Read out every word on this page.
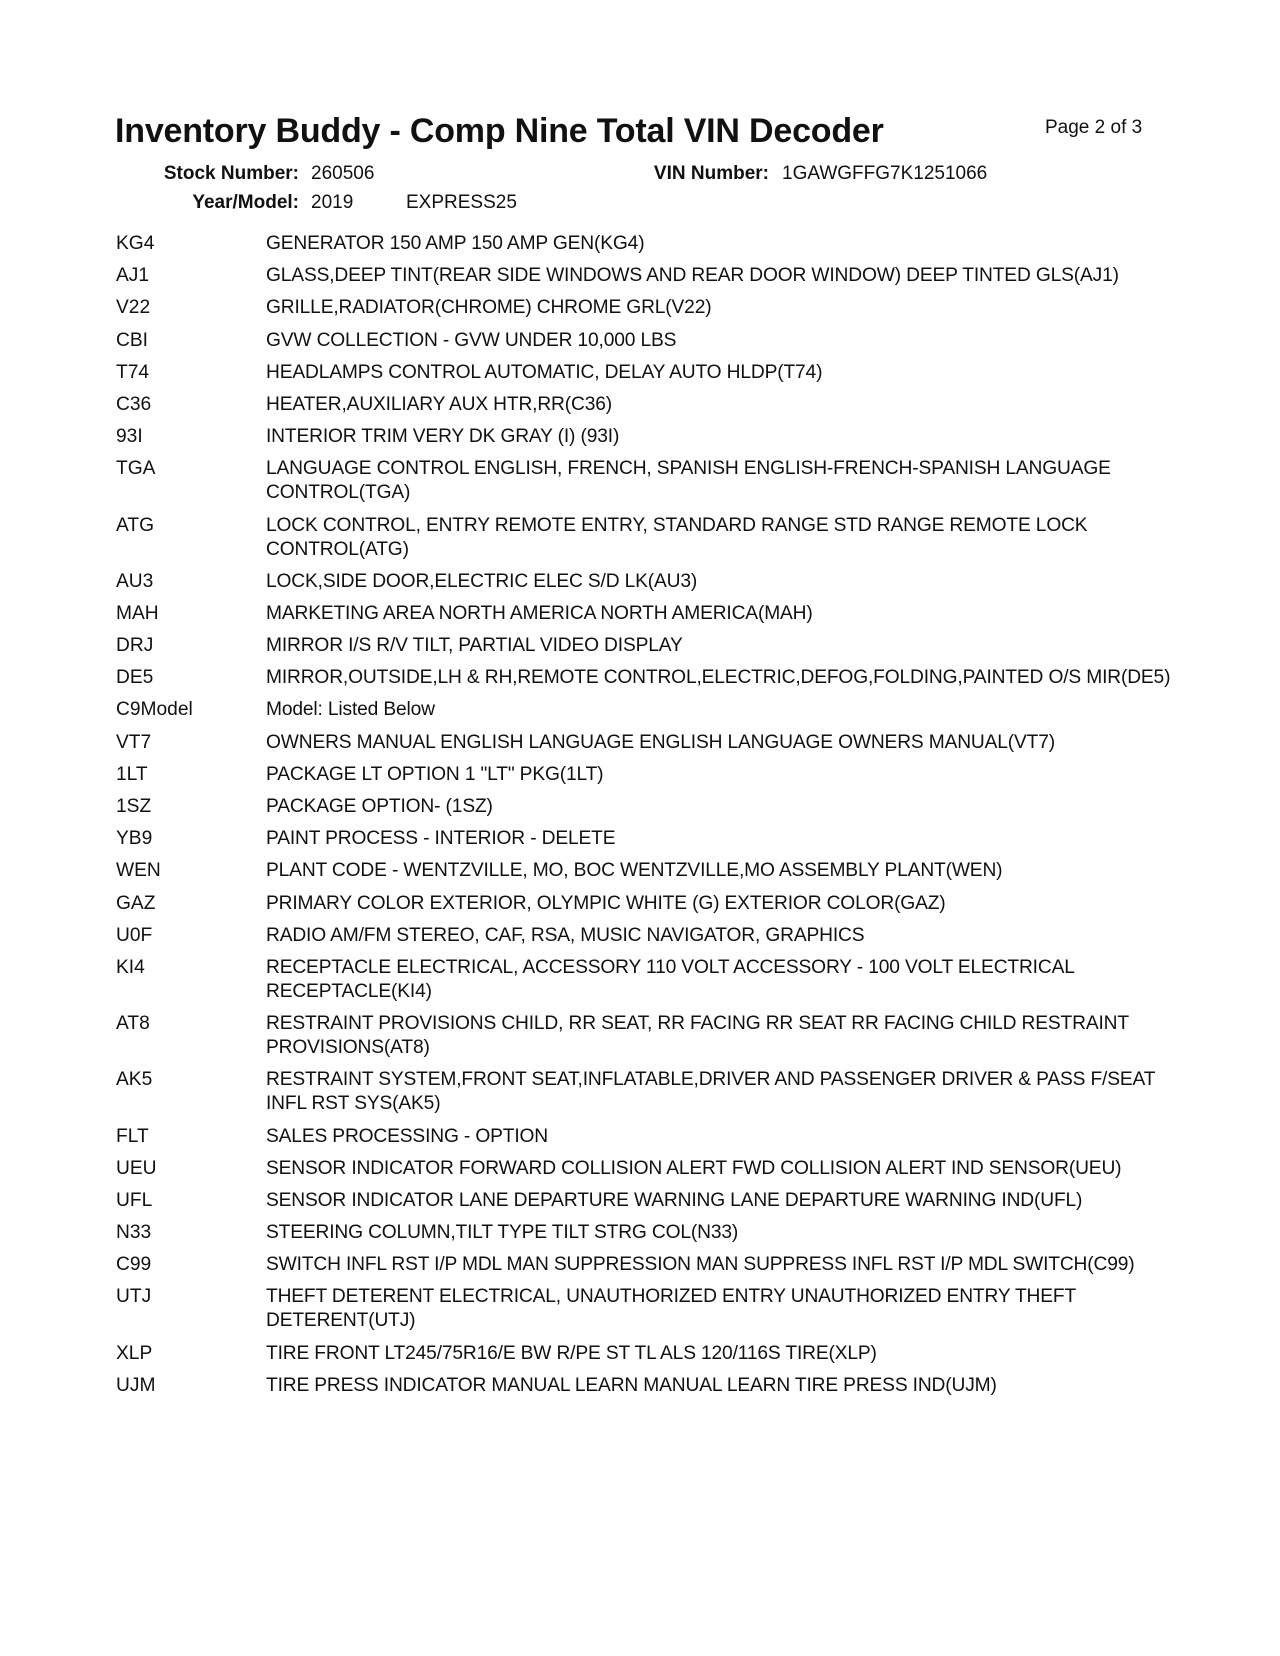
Inventory Buddy - Comp Nine Total VIN Decoder	Page 2 of 3
Stock Number: 260506	VIN Number: 1GAWGFFG7K1251066
Year/Model: 2019	EXPRESS25
KG4	GENERATOR 150 AMP 150 AMP GEN(KG4)
AJ1	GLASS,DEEP TINT(REAR SIDE WINDOWS AND REAR DOOR WINDOW) DEEP TINTED GLS(AJ1)
V22	GRILLE,RADIATOR(CHROME) CHROME GRL(V22)
CBI	GVW COLLECTION - GVW UNDER 10,000 LBS
T74	HEADLAMPS CONTROL AUTOMATIC, DELAY AUTO HLDP(T74)
C36	HEATER,AUXILIARY AUX HTR,RR(C36)
93I	INTERIOR TRIM VERY DK GRAY (I) (93I)
TGA	LANGUAGE CONTROL ENGLISH, FRENCH, SPANISH ENGLISH-FRENCH-SPANISH LANGUAGE CONTROL(TGA)
ATG	LOCK CONTROL, ENTRY REMOTE ENTRY, STANDARD RANGE STD RANGE REMOTE LOCK CONTROL(ATG)
AU3	LOCK,SIDE DOOR,ELECTRIC ELEC S/D LK(AU3)
MAH	MARKETING AREA NORTH AMERICA NORTH AMERICA(MAH)
DRJ	MIRROR I/S R/V TILT, PARTIAL VIDEO DISPLAY
DE5	MIRROR,OUTSIDE,LH & RH,REMOTE CONTROL,ELECTRIC,DEFOG,FOLDING,PAINTED O/S MIR(DE5)
C9Model	Model: Listed Below
VT7	OWNERS MANUAL ENGLISH LANGUAGE ENGLISH LANGUAGE OWNERS MANUAL(VT7)
1LT	PACKAGE LT OPTION 1 "LT" PKG(1LT)
1SZ	PACKAGE OPTION- (1SZ)
YB9	PAINT PROCESS - INTERIOR - DELETE
WEN	PLANT CODE - WENTZVILLE, MO, BOC WENTZVILLE,MO ASSEMBLY PLANT(WEN)
GAZ	PRIMARY COLOR EXTERIOR, OLYMPIC WHITE (G) EXTERIOR COLOR(GAZ)
U0F	RADIO AM/FM STEREO, CAF, RSA, MUSIC NAVIGATOR, GRAPHICS
KI4	RECEPTACLE ELECTRICAL, ACCESSORY 110 VOLT ACCESSORY - 100 VOLT ELECTRICAL RECEPTACLE(KI4)
AT8	RESTRAINT PROVISIONS CHILD, RR SEAT, RR FACING RR SEAT RR FACING CHILD RESTRAINT PROVISIONS(AT8)
AK5	RESTRAINT SYSTEM,FRONT SEAT,INFLATABLE,DRIVER AND PASSENGER DRIVER & PASS F/SEAT INFL RST SYS(AK5)
FLT	SALES PROCESSING - OPTION
UEU	SENSOR INDICATOR FORWARD COLLISION ALERT FWD COLLISION ALERT IND SENSOR(UEU)
UFL	SENSOR INDICATOR LANE DEPARTURE WARNING LANE DEPARTURE WARNING IND(UFL)
N33	STEERING COLUMN,TILT TYPE TILT STRG COL(N33)
C99	SWITCH INFL RST I/P MDL MAN SUPPRESSION MAN SUPPRESS INFL RST I/P MDL SWITCH(C99)
UTJ	THEFT DETERENT ELECTRICAL, UNAUTHORIZED ENTRY UNAUTHORIZED ENTRY THEFT DETERENT(UTJ)
XLP	TIRE FRONT LT245/75R16/E BW R/PE ST TL ALS 120/116S TIRE(XLP)
UJM	TIRE PRESS INDICATOR MANUAL LEARN MANUAL LEARN TIRE PRESS IND(UJM)
